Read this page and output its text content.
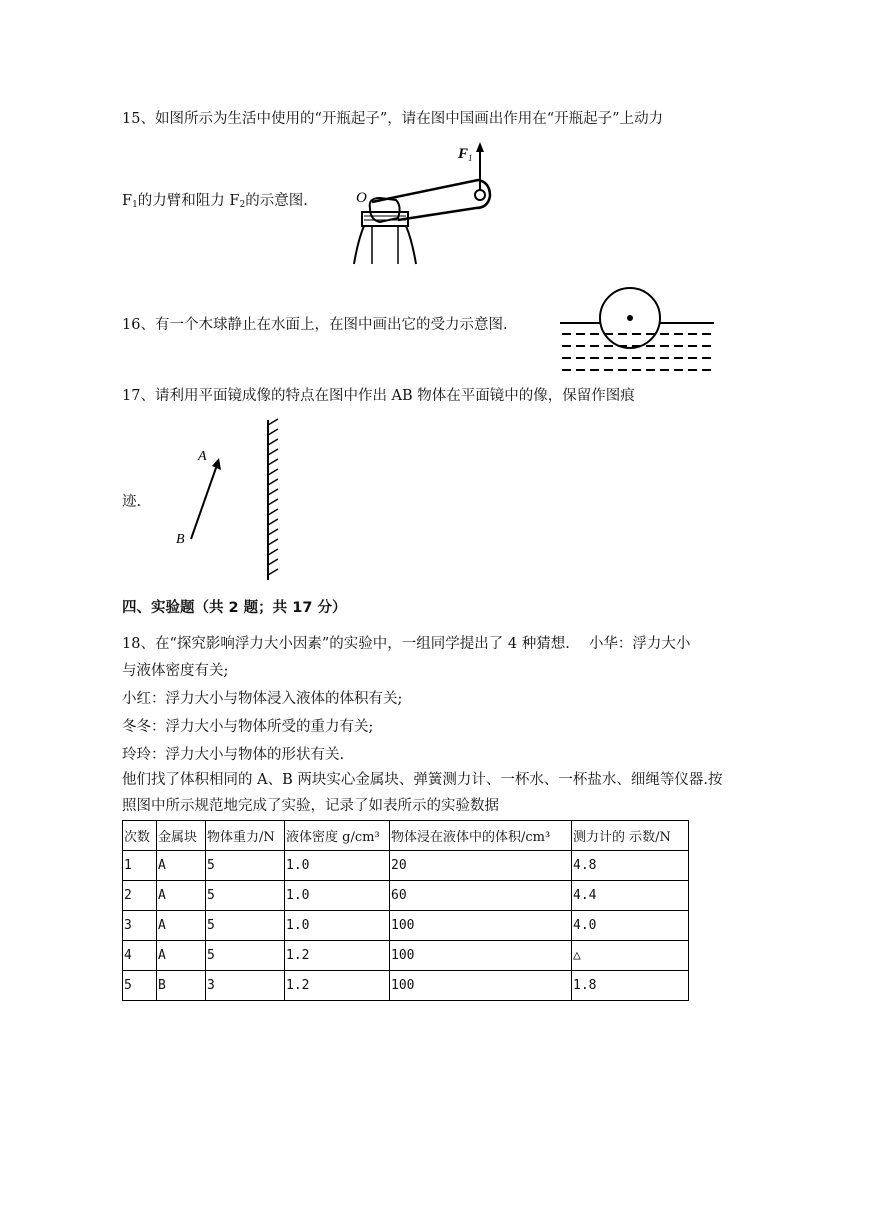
15、如图所示为生活中使用的“开瓶起子”，请在图中国画出作用在“开瓶起子”上动力
$F_1$的力臂和阻力 $F_2$的示意图.
F 1
O
16、有一个木球静止在水面上，在图中画出它的受力示意图.
17、请利用平面镜成像的特点在图中作出 AB 物体在平面镜中的像，保留作图痕
迹.
A
B
四、实验题（共 2 题；共 17 分）
18、在“探究影响浮力大小因素”的实验中，一组同学提出了 4 种猜想.　 小华：浮力大小
与液体密度有关;
小红：浮力大小与物体浸入液体的体积有关;
冬冬：浮力大小与物体所受的重力有关;
玲玲：浮力大小与物体的形状有关.
他们找了体积相同的 A、B 两块实心金属块、弹簧测力计、一杯水、一杯盐水、细绳等仪器.按
照图中所示规范地完成了实验，记录了如表所示的实验数据
次数	金属块	物体重力/N	液体密度 g/cm³	物体浸在液体中的体积/cm³	测力计的 示数/N
1	A	5	1.0	20	4.8
2	A	5	1.0	60	4.4
3	A	5	1.0	100	4.0
4	A	5	1.2	100	△
5	B	3	1.2	100	1.8
